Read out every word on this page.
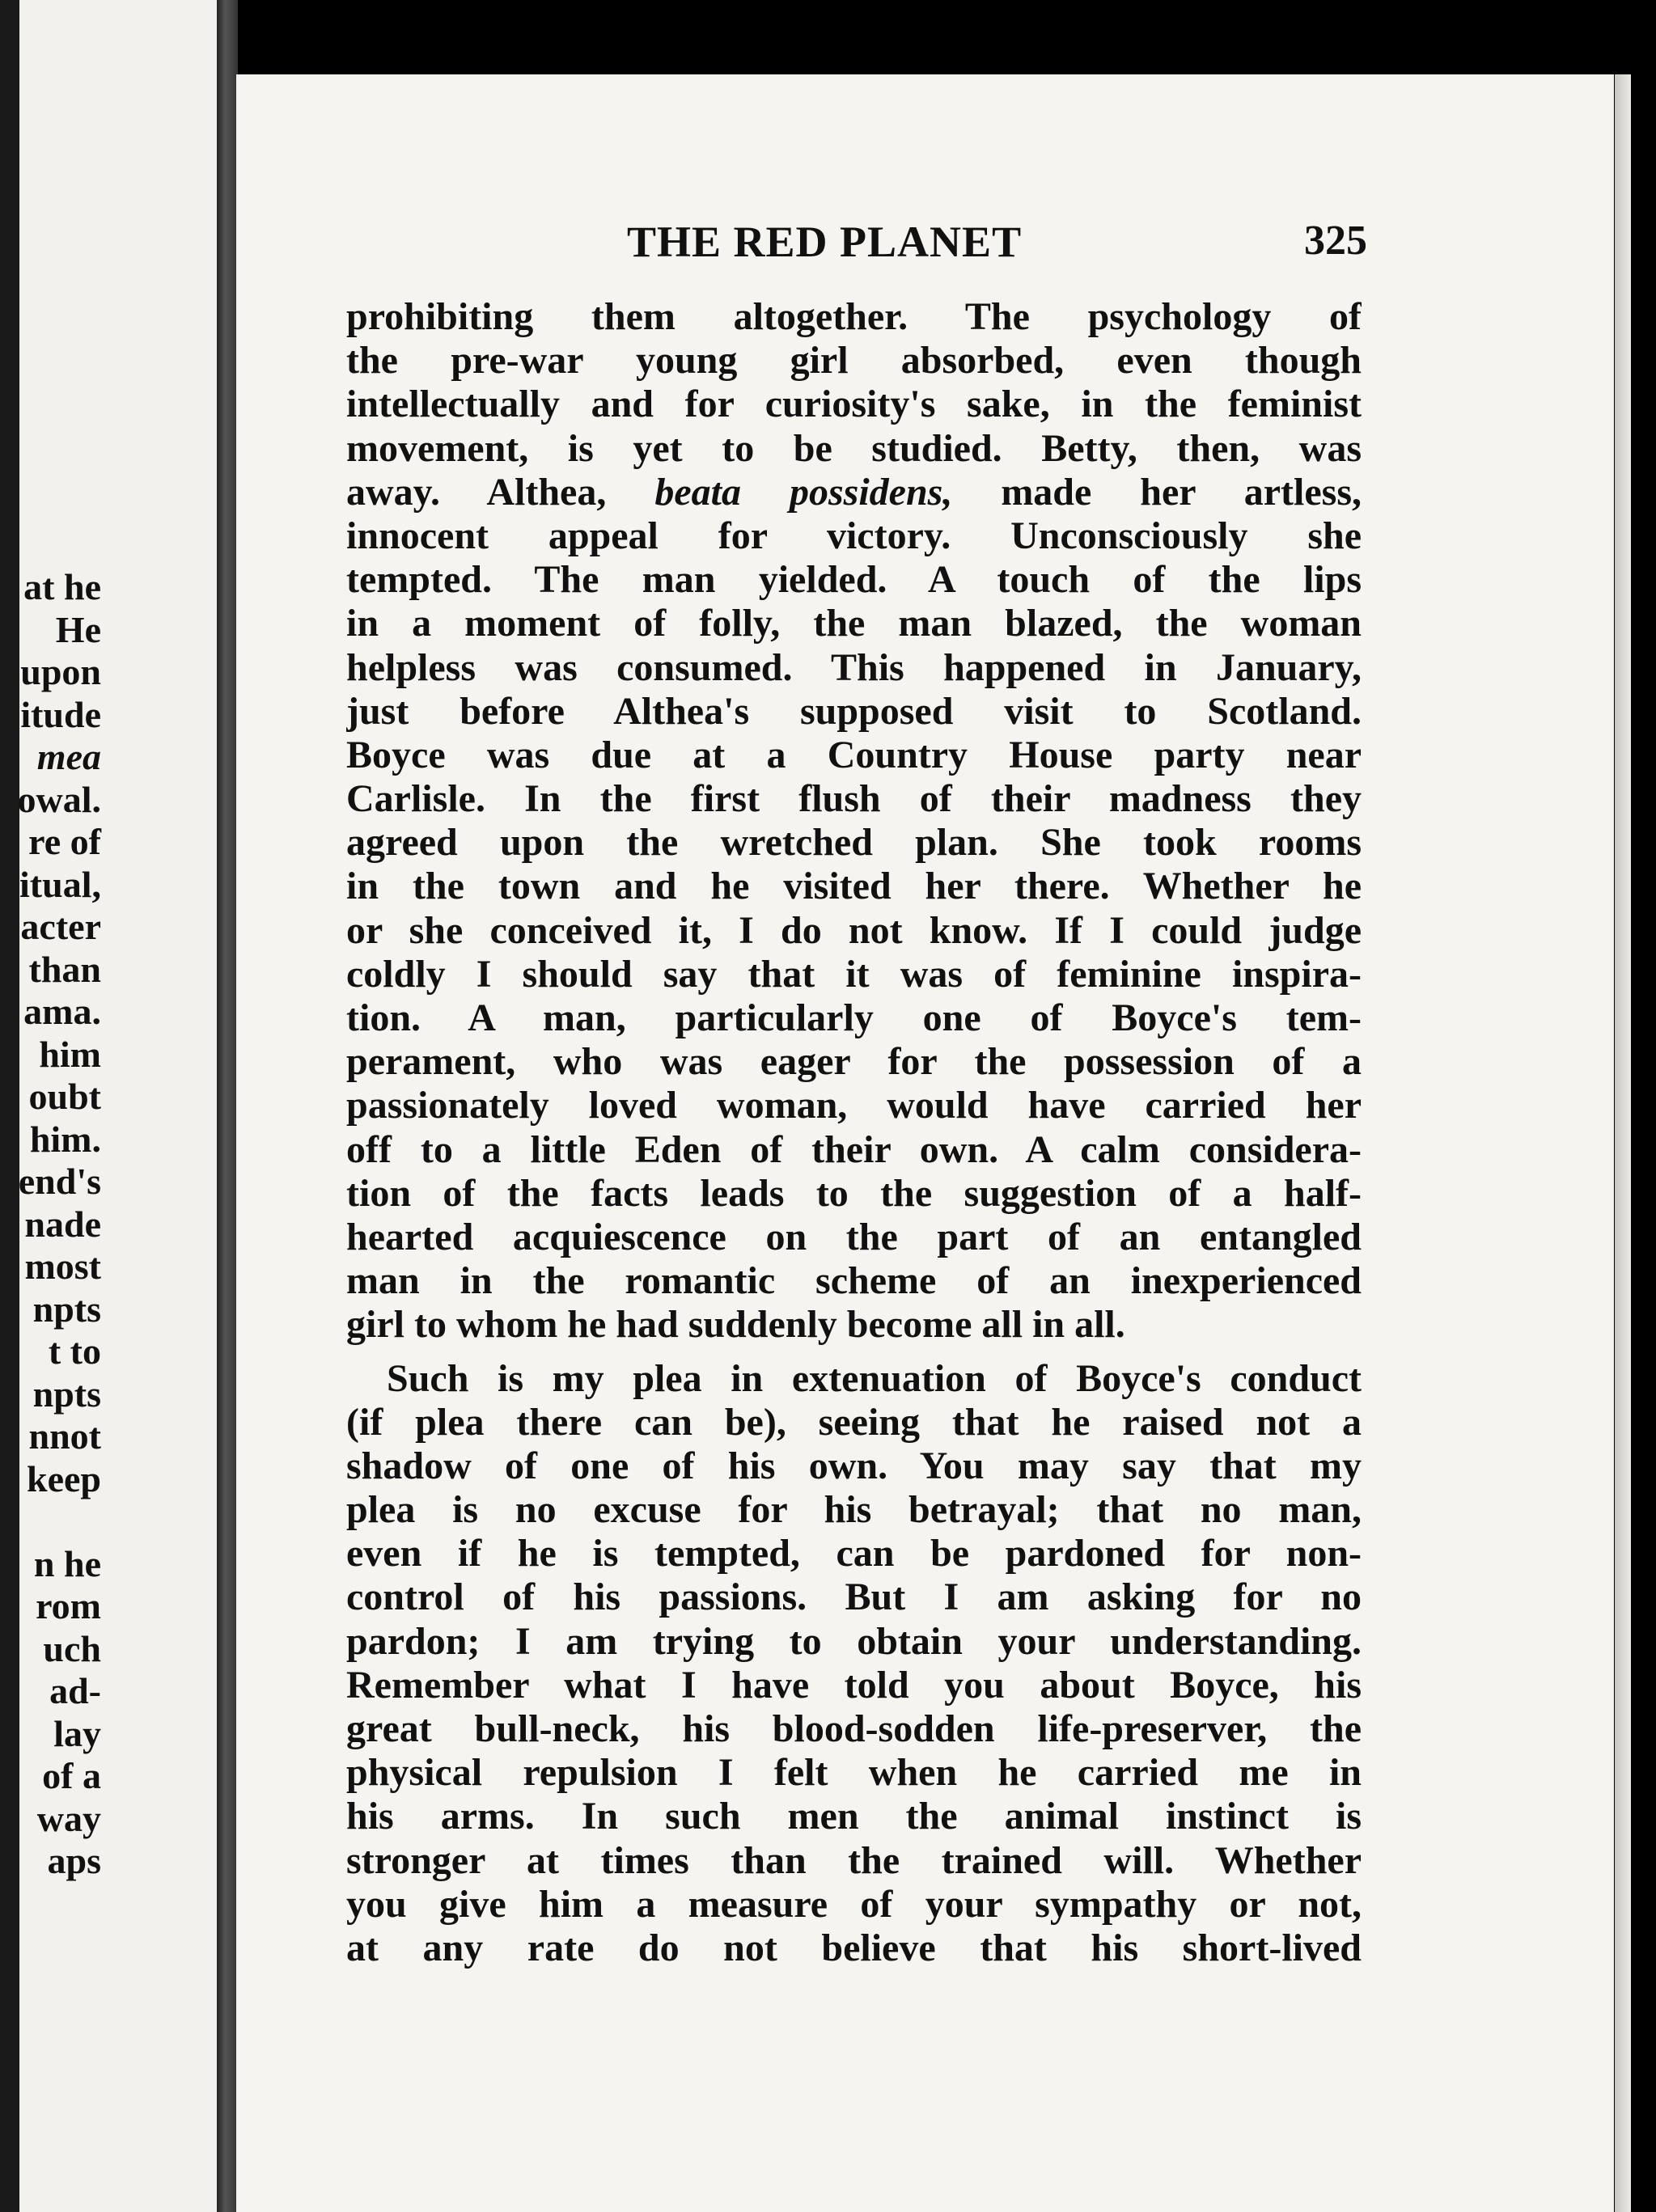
at he
He
upon
itude
mea
owal.
re of
itual,
acter
than
ama.
him
oubt
him.
end's
nade
most
npts
t to
npts
nnot
keep
n he
rom
uch
ad-
lay
of a
way
aps
THE RED PLANET	325
prohibiting them altogether. The psychology of
the pre-war young girl absorbed, even though
intellectually and for curiosity's sake, in the feminist
movement, is yet to be studied. Betty, then, was
away. Althea, beata possidens, made her artless,
innocent appeal for victory. Unconsciously she
tempted. The man yielded. A touch of the lips
in a moment of folly, the man blazed, the woman
helpless was consumed. This happened in January,
just before Althea's supposed visit to Scotland.
Boyce was due at a Country House party near
Carlisle. In the first flush of their madness they
agreed upon the wretched plan. She took rooms
in the town and he visited her there. Whether he
or she conceived it, I do not know. If I could judge
coldly I should say that it was of feminine inspira-
tion. A man, particularly one of Boyce's tem-
perament, who was eager for the possession of a
passionately loved woman, would have carried her
off to a little Eden of their own. A calm considera-
tion of the facts leads to the suggestion of a half-
hearted acquiescence on the part of an entangled
man in the romantic scheme of an inexperienced
girl to whom he had suddenly become all in all.
Such is my plea in extenuation of Boyce's conduct
(if plea there can be), seeing that he raised not a
shadow of one of his own. You may say that my
plea is no excuse for his betrayal; that no man,
even if he is tempted, can be pardoned for non-
control of his passions. But I am asking for no
pardon; I am trying to obtain your understanding.
Remember what I have told you about Boyce, his
great bull-neck, his blood-sodden life-preserver, the
physical repulsion I felt when he carried me in
his arms. In such men the animal instinct is
stronger at times than the trained will. Whether
you give him a measure of your sympathy or not,
at any rate do not believe that his short-lived
